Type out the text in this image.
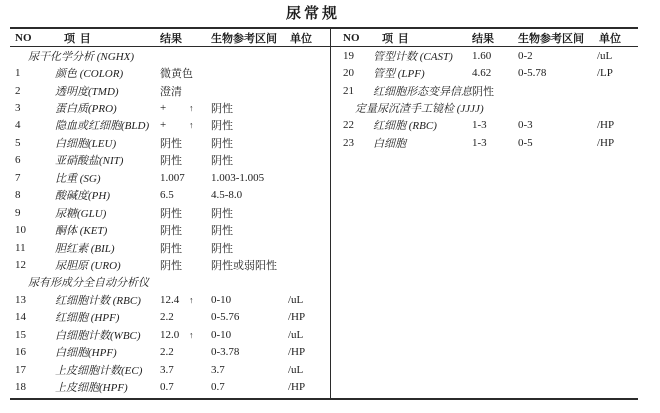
尿常规
NO	项 目	结果	生物参考区间	单位
尿干化学分析 (NGHX)
1	颜色 (COLOR)	微黄色
2	透明度(TMD)	澄清
3	蛋白质(PRO)	+	↑	阴性
4	隐血或红细胞(BLD) +	↑	阴性
5	白细胞(LEU)	阴性	阴性
6	亚硝酸盐(NIT)	阴性	阴性
7	比重 (SG)	1.007 1.003-1.005
8	酸碱度(PH)	6.5	4.5-8.0
9	尿糖(GLU)	阴性	阴性
10	酮体 (KET)	阴性	阴性
11	胆红素 (BIL)	阴性	阴性
12	尿胆原 (URO)	阴性	阴性或弱阳性
尿有形成分全自动分析仪
13	红细胞计数 (RBC)	12.4	↑	0-10	/uL
14	红细胞 (HPF)	2.2	0-5.76	/HP
15	白细胞计数(WBC)	12.0	↑	0-10	/uL
16	白细胞(HPF)	2.2	0-3.78	/HP
17	上皮细胞计数(EC)	3.7	3.7	/uL
18	上皮细胞(HPF)	0.7	0.7	/HP
NO	项 目	结果	生物参考区间	单位
19	管型计数 (CAST)	1.60	0-2	/uL
20	管型 (LPF)	4.62	0-5.78	/LP
21	红细胞形态变异信息 阴性
定量尿沉渣手工镜检 (JJJJ)
22	红细胞 (RBC)	1-3	0-3	/HP
23	白细胞	1-3	0-5	/HP
